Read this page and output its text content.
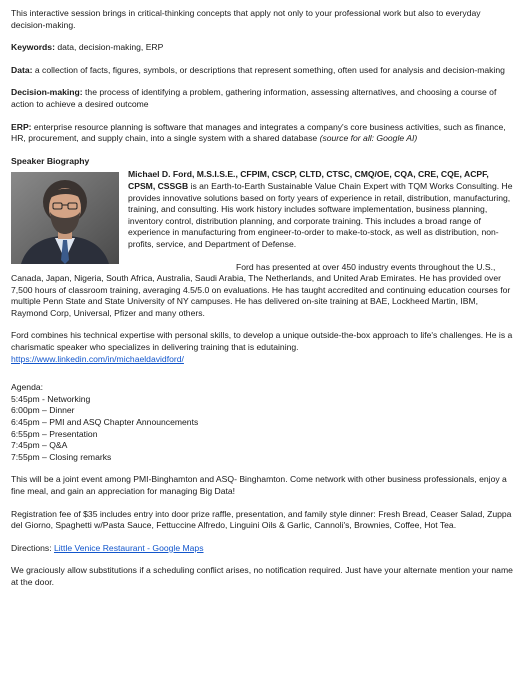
This interactive session brings in critical-thinking concepts that apply not only to your professional work but also to everyday decision-making.

Keywords: data, decision-making, ERP

Data: a collection of facts, figures, symbols, or descriptions that represent something, often used for analysis and decision-making

Decision-making: the process of identifying a problem, gathering information, assessing alternatives, and choosing a course of action to achieve a desired outcome

ERP: enterprise resource planning is software that manages and integrates a company's core business activities, such as finance, HR, procurement, and supply chain, into a single system with a shared database (source for all: Google AI)

Speaker Biography

Michael D. Ford, M.S.I.S.E., CFPIM, CSCP, CLTD, CTSC, CMQ/OE, CQA, CRE, CQE, ACPF, CPSM, CSSGB is an Earth-to-Earth Sustainable Value Chain Expert with TQM Works Consulting. He provides innovative solutions based on forty years of experience in retail, distribution, manufacturing, training, and consulting. His work history includes software implementation, business planning, inventory control, distribution planning, and corporate training. This includes a broad range of experience in manufacturing from engineer-to-order to make-to-stock, as well as distribution, non-profits, service, and Department of Defense.

Ford has presented at over 450 industry events throughout the U.S., Canada, Japan, Nigeria, South Africa, Australia, Saudi Arabia, The Netherlands, and United Arab Emirates. He has provided over 7,500 hours of classroom training, averaging 4.5/5.0 on evaluations. He has taught accredited and continuing education courses for multiple Penn State and State University of NY campuses. He has delivered on-site training at BAE, Lockheed Martin, IBM, Raymond Corp, Universal, Pfizer and many others.

Ford combines his technical expertise with personal skills, to develop a unique outside-the-box approach to life's challenges. He is a charismatic speaker who specializes in delivering training that is edutaining.

https://www.linkedin.com/in/michaeldavidford/

Agenda:

5:45pm - Networking

6:00pm – Dinner

6:45pm – PMI and ASQ Chapter Announcements

6:55pm – Presentation

7:45pm – Q&A

7:55pm – Closing remarks

This will be a joint event among PMI-Binghamton and ASQ- Binghamton. Come network with other business professionals, enjoy a fine meal, and gain an appreciation for managing Big Data!

Registration fee of $35 includes entry into door prize raffle, presentation, and family style dinner: Fresh Bread, Ceaser Salad, Zuppa del Giorno, Spaghetti w/Pasta Sauce, Fettuccine Alfredo, Linguini Oils & Garlic, Cannoli's, Brownies, Coffee, Hot Tea.

Directions: Little Venice Restaurant - Google Maps

We graciously allow substitutions if a scheduling conflict arises, no notification required. Just have your alternate mention your name at the door.
